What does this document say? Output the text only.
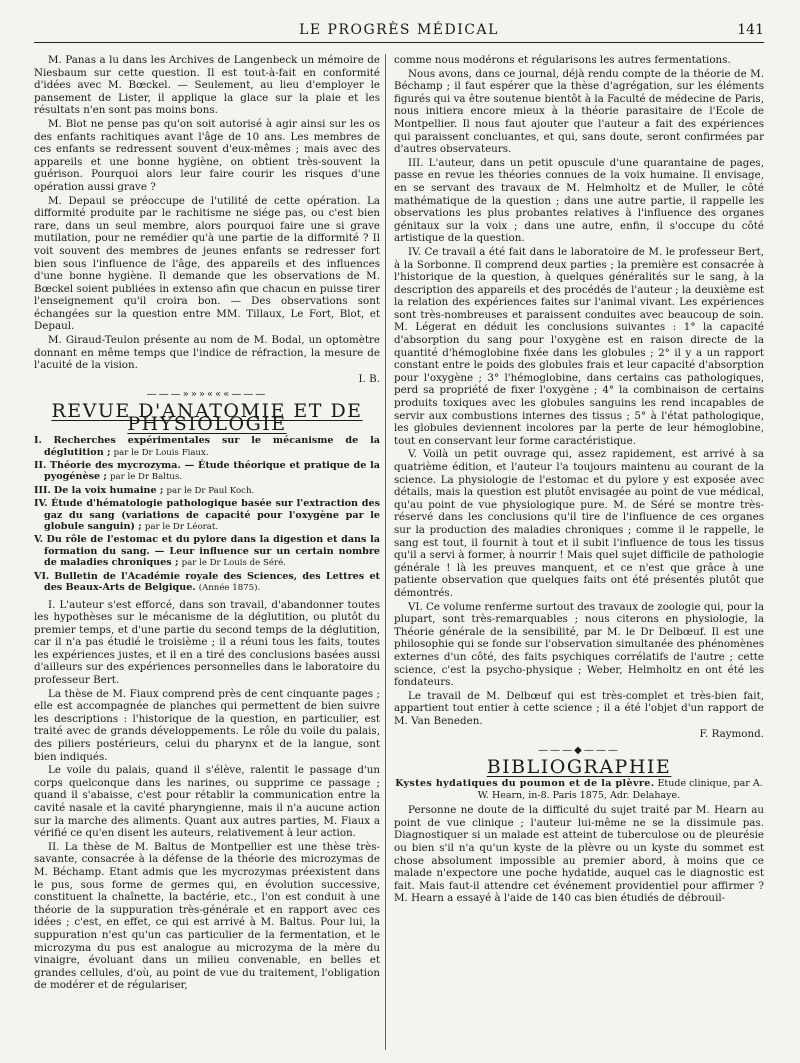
LE PROGRÈS MÉDICAL	141

M. Panas a lu dans les Archives de Langenbeck un mémoire de Niesbaum sur cette question. Il est tout-à-fait en conformité d'idées avec M. Bœckel. — Seulement, au lieu d'employer le pansement de Lister, il applique la glace sur la plaie et les résultats n'en sont pas moins bons.

M. Blot ne pense pas qu'on soit autorisé à agir ainsi sur les os des enfants rachitiques avant l'âge de 10 ans. Les membres de ces enfants se redressent souvent d'eux-mêmes ; mais avec des appareils et une bonne hygiène, on obtient très-souvent la guérison. Pourquoi alors leur faire courir les risques d'une opération aussi grave ?

M. Depaul se préoccupe de l'utilité de cette opération. La difformité produite par le rachitisme ne siége pas, ou c'est bien rare, dans un seul membre, alors pourquoi faire une si grave mutilation, pour ne remédier qu'à une partie de la difformité ? Il voit souvent des membres de jeunes enfants se redresser fort bien sous l'influence de l'âge, des appareils et des influences d'une bonne hygiène. Il demande que les observations de M. Bœckel soient publiées in extenso afin que chacun en puisse tirer l'enseignement qu'il croira bon. — Des observations sont échangées sur la question entre MM. Tillaux, Le Fort, Blot, et Depaul.

M. Giraud-Teulon présente au nom de M. Bodal, un optomètre donnant en même temps que l'indice de réfraction, la mesure de l'acuité de la vision.

I. B.

———»»»«««———
REVUE D'ANATOMIE ET DE PHYSIOLOGIE
I. Recherches expérimentales sur le mécanisme de la déglutition ; par le Dr Louis Fiaux.
II. Théorie des mycrozyma. — Étude théorique et pratique de la pyogénèse ; par le Dr Baltus.
III. De la voix humaine ; par le Dr Paul Koch.
IV. Étude d'hématologie pathologique basée sur l'extraction des gaz du sang (variations de capacité pour l'oxygène par le globule sanguin) ; par le Dr Léorat.
V. Du rôle de l'estomac et du pylore dans la digestion et dans la formation du sang. — Leur influence sur un certain nombre de maladies chroniques ; par le Dr Louis de Séré.
VI. Bulletin de l'Académie royale des Sciences, des Lettres et des Beaux-Arts de Belgique. (Année 1875).

I. L'auteur s'est efforcé, dans son travail, d'abandonner toutes les hypothèses sur le mécanisme de la déglutition, ou plutôt du premier temps, et d'une partie du second temps de la déglutition, car il n'a pas étudié le troisième ; il a réuni tous les faits, toutes les expériences justes, et il en a tiré des conclusions basées aussi d'ailleurs sur des expériences personnelles dans le laboratoire du professeur Bert.

La thèse de M. Fiaux comprend près de cent cinquante pages ; elle est accompagnée de planches qui permettent de bien suivre les descriptions : l'historique de la question, en particulier, est traité avec de grands développements. Le rôle du voile du palais, des piliers postérieurs, celui du pharynx et de la langue, sont bien indiqués.

Le voile du palais, quand il s'élève, ralentit le passage d'un corps quelconque dans les narines, ou supprime ce passage ; quand il s'abaisse, c'est pour rétablir la communication entre la cavité nasale et la cavité pharyngienne, mais il n'a aucune action sur la marche des aliments. Quant aux autres parties, M. Fiaux a vérifié ce qu'en disent les auteurs, relativement à leur action.

II. La thèse de M. Baltus de Montpellier est une thèse très-savante, consacrée à la défense de la théorie des microzymas de M. Béchamp. Etant admis que les mycrozymas préexistent dans le pus, sous forme de germes qui, en évolution successive, constituent la chaînette, la bactérie, etc., l'on est conduit à une théorie de la suppuration très-générale et en rapport avec ces idées ; c'est, en effet, ce qui est arrivé à M. Baltus. Pour lui, la suppuration n'est qu'un cas particulier de la fermentation, et le microzyma du pus est analogue au microzyma de la mère du vinaigre, évoluant dans un milieu convenable, en belles et grandes cellules, d'où, au point de vue du traitement, l'obligation de modérer et de régulariser,

comme nous modérons et régularisons les autres fermentations.

Nous avons, dans ce journal, déjà rendu compte de la théorie de M. Béchamp ; il faut espérer que la thèse d'agrégation, sur les éléments figurés qui va être soutenue bientôt à la Faculté de médecine de Paris, nous initiera encore mieux à la théorie parasitaire de l'Ecole de Montpellier. Il nous faut ajouter que l'auteur a fait des expériences qui paraissent concluantes, et qui, sans doute, seront confirmées par d'autres observateurs.

III. L'auteur, dans un petit opuscule d'une quarantaine de pages, passe en revue les théories connues de la voix humaine. Il envisage, en se servant des travaux de M. Helmholtz et de Muller, le côté mathématique de la question ; dans une autre partie, il rappelle les observations les plus probantes relatives à l'influence des organes génitaux sur la voix ; dans une autre, enfin, il s'occupe du côté artistique de la question.

IV. Ce travail a été fait dans le laboratoire de M. le professeur Bert, à la Sorbonne. Il comprend deux parties ; la première est consacrée à l'historique de la question, à quelques généralités sur le sang, à la description des appareils et des procédés de l'auteur ; la deuxième est la relation des expériences faites sur l'animal vivant. Les expériences sont très-nombreuses et paraissent conduites avec beaucoup de soin. M. Légerat en déduit les conclusions suivantes : 1° la capacité d'absorption du sang pour l'oxygène est en raison directe de la quantité d'hémoglobine fixée dans les globules ; 2° il y a un rapport constant entre le poids des globules frais et leur capacité d'absorption pour l'oxygène ; 3° l'hémoglobine, dans certains cas pathologiques, perd sa propriété de fixer l'oxygène ; 4° la combinaison de certains produits toxiques avec les globules sanguins les rend incapables de servir aux combustions internes des tissus ; 5° à l'état pathologique, les globules deviennent incolores par la perte de leur hémoglobine, tout en conservant leur forme caractéristique.

V. Voilà un petit ouvrage qui, assez rapidement, est arrivé à sa quatrième édition, et l'auteur l'a toujours maintenu au courant de la science. La physiologie de l'estomac et du pylore y est exposée avec détails, mais la question est plutôt envisagée au point de vue médical, qu'au point de vue physiologique pure. M. de Séré se montre très-réservé dans les conclusions qu'il tire de l'influence de ces organes sur la production des maladies chroniques ; comme il le rappelle, le sang est tout, il fournit à tout et il subit l'influence de tous les tissus qu'il a servi à former, à nourrir ! Mais quel sujet difficile de pathologie générale ! là les preuves manquent, et ce n'est que grâce à une patiente observation que quelques faits ont été présentés plutôt que démontrés.

VI. Ce volume renferme surtout des travaux de zoologie qui, pour la plupart, sont très-remarquables ; nous citerons en physiologie, la Théorie générale de la sensibilité, par M. le Dr Delbœuf. Il est une philosophie qui se fonde sur l'observation simultanée des phénomènes externes d'un côté, des faits psychiques corrélatifs de l'autre ; cette science, c'est la psycho-physique ; Weber, Helmholtz en ont été les fondateurs.

Le travail de M. Delbœuf qui est très-complet et très-bien fait, appartient tout entier à cette science ; il a été l'objet d'un rapport de M. Van Beneden.

F. Raymond.

———◆———
BIBLIOGRAPHIE
Kystes hydatiques du poumon et de la plèvre. Etude clinique, par A. W. Hearn, in-8. Paris 1875, Adr. Delahaye.

Personne ne doute de la difficulté du sujet traité par M. Hearn au point de vue clinique ; l'auteur lui-même ne se la dissimule pas. Diagnostiquer si un malade est atteint de tuberculose ou de pleurésie ou bien s'il n'a qu'un kyste de la plèvre ou un kyste du sommet est chose absolument impossible au premier abord, à moins que ce malade n'expectore une poche hydatide, auquel cas le diagnostic est fait. Mais faut-il attendre cet événement providentiel pour affirmer ? M. Hearn a essayé à l'aide de 140 cas bien étudiés de débrouil-
